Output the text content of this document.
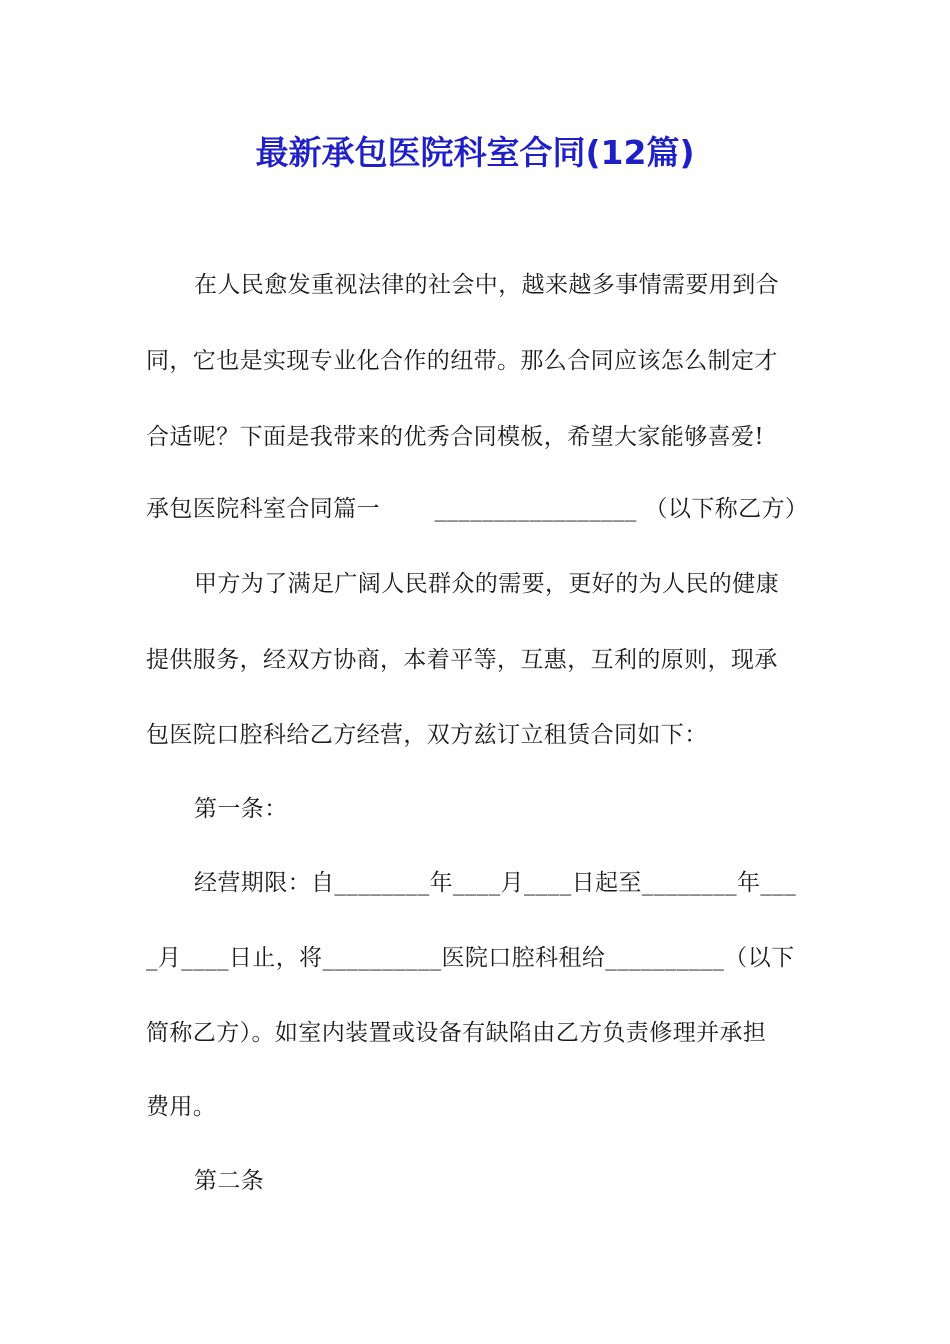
最新承包医院科室合同(12篇)
在人民愈发重视法律的社会中，越来越多事情需要用到合
同，它也是实现专业化合作的纽带。那么合同应该怎么制定才
合适呢？下面是我带来的优秀合同模板，希望大家能够喜爱!
承包医院科室合同篇一　　 _________________ （以下称乙方）
甲方为了满足广阔人民群众的需要，更好的为人民的健康
提供服务，经双方协商，本着平等，互惠，互利的原则，现承
包医院口腔科给乙方经营，双方兹订立租赁合同如下：
第一条：
经营期限：自________年____月____日起至________年___
_月____日止，将__________医院口腔科租给__________（以下
简称乙方）。如室内装置或设备有缺陷由乙方负责修理并承担
费用。
第二条
